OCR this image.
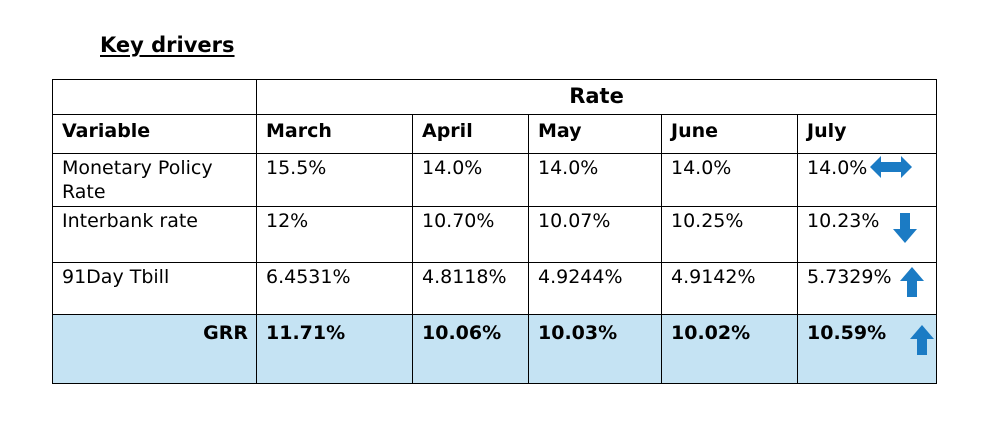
Key drivers
	Rate				

Variable	March	April	May	June	July

Monetary Policy Rate	15.5%	14.0%	14.0%	14.0%	14.0%

Interbank rate	12%	10.70%	10.07%	10.25%	10.23%

91Day Tbill	6.4531%	4.8118%	4.9244%	4.9142%	5.7329%

GRR	11.71%	10.06%	10.03%	10.02%	10.59%
